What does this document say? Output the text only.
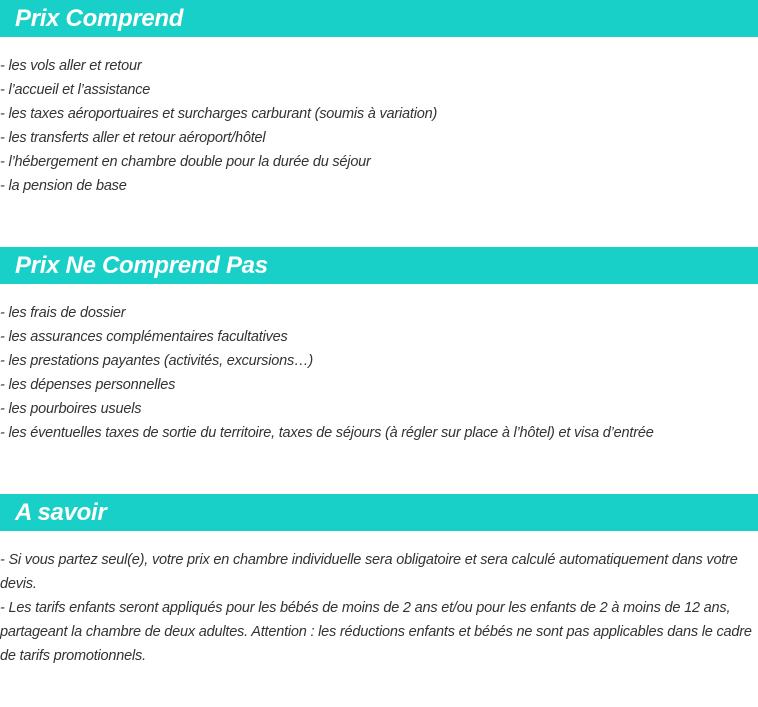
Prix Comprend
- les vols aller et retour
- l’accueil et l’assistance
- les taxes aéroportuaires et surcharges carburant (soumis à variation)
- les transferts aller et retour aéroport/hôtel
- l’hébergement en chambre double pour la durée du séjour
- la pension de base
Prix Ne Comprend Pas
- les frais de dossier
- les assurances complémentaires facultatives
- les prestations payantes (activités, excursions…)
- les dépenses personnelles
- les pourboires usuels
- les éventuelles taxes de sortie du territoire, taxes de séjours (à régler sur place à l’hôtel) et visa d’entrée
A savoir
- Si vous partez seul(e), votre prix en chambre individuelle sera obligatoire et sera calculé automatiquement dans votre devis.
- Les tarifs enfants seront appliqués pour les bébés de moins de 2 ans et/ou pour les enfants de 2 à moins de 12 ans, partageant la chambre de deux adultes. Attention : les réductions enfants et bébés ne sont pas applicables dans le cadre de tarifs promotionnels.
